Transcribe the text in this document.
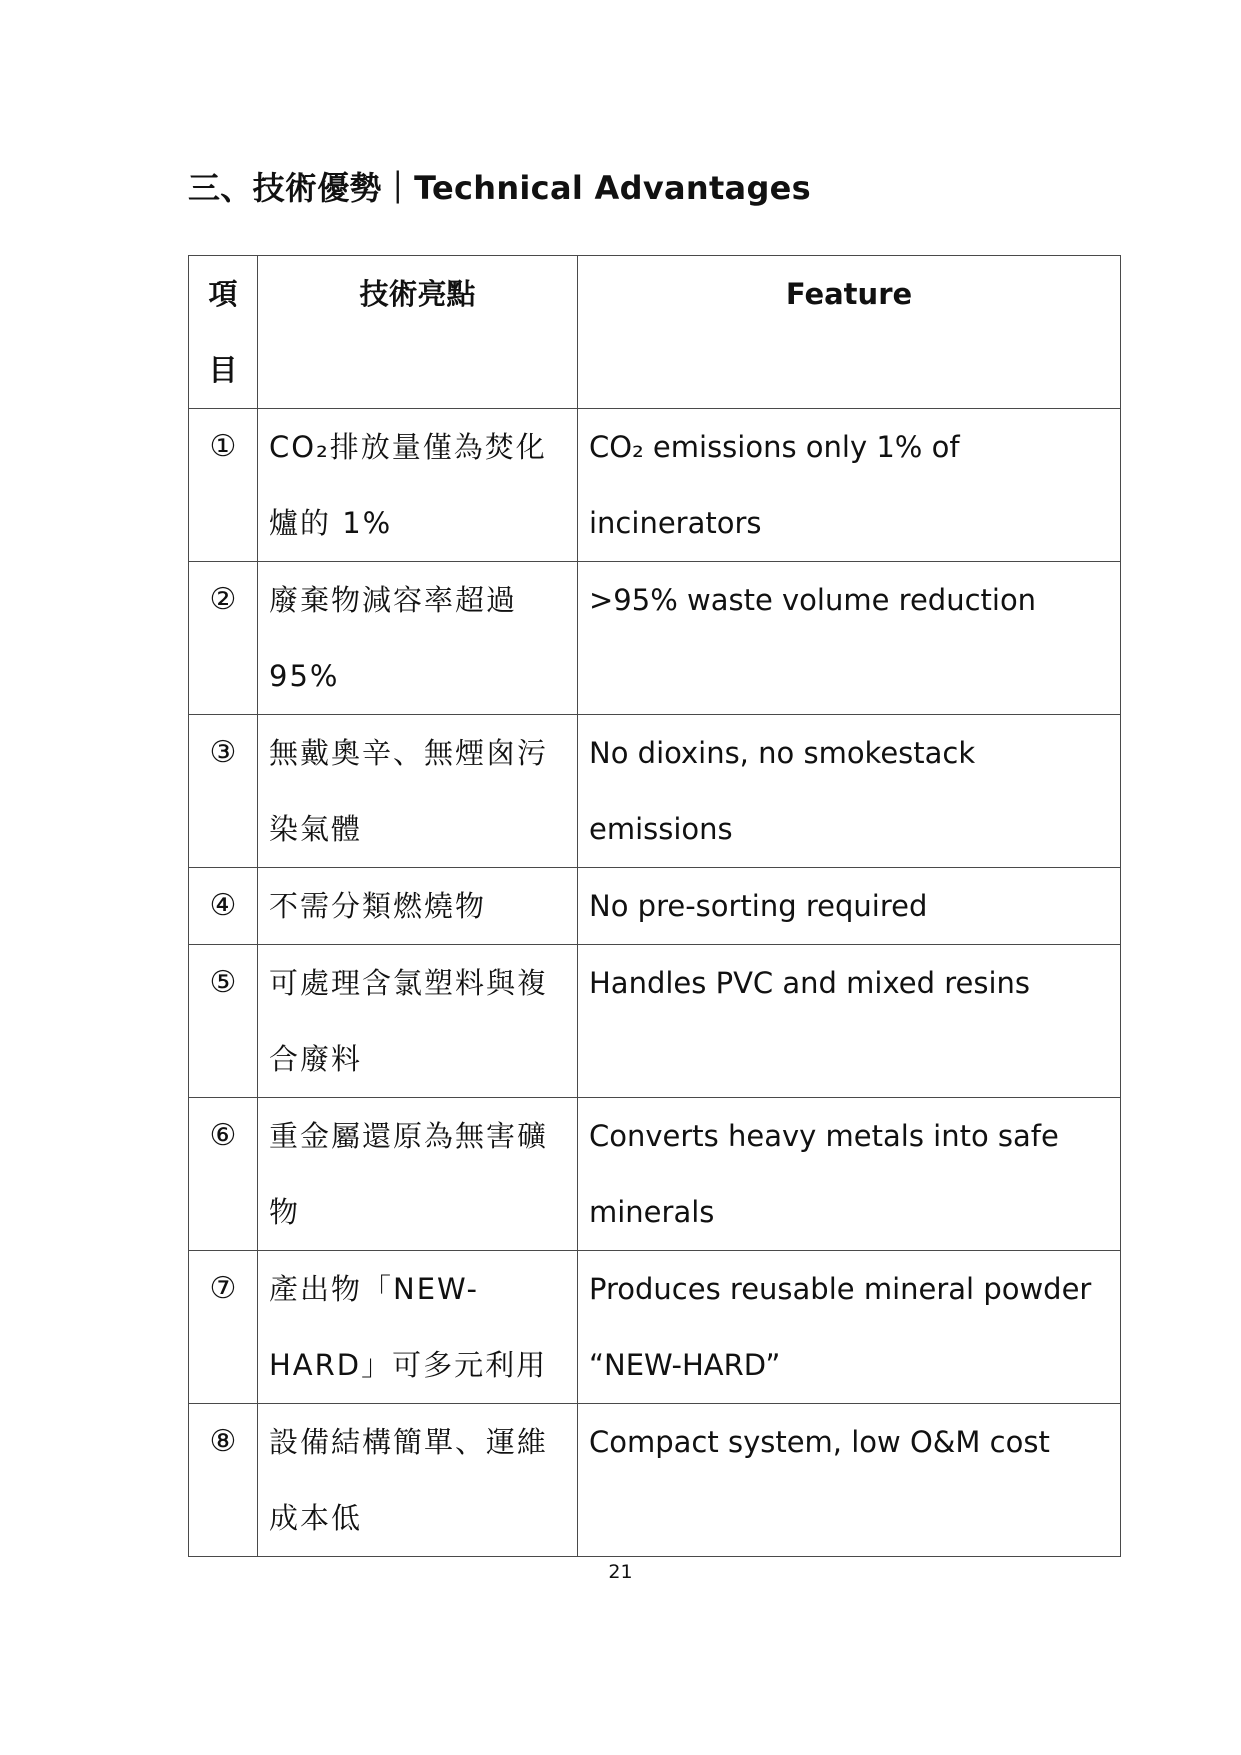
三、技術優勢｜Technical Advantages
項目	技術亮點	Feature

①	CO₂排放量僅為焚化爐的 1%	CO₂ emissions only 1% of incinerators

②	廢棄物減容率超過 95%	>95% waste volume reduction

③	無戴奧辛、無煙囪污染氣體	No dioxins, no smokestack emissions

④	不需分類燃燒物	No pre-sorting required

⑤	可處理含氯塑料與複合廢料	Handles PVC and mixed resins

⑥	重金屬還原為無害礦物	Converts heavy metals into safe minerals

⑦	產出物「NEW-HARD」可多元利用	Produces reusable mineral powder “NEW-HARD”

⑧	設備結構簡單、運維成本低	Compact system, low O&M cost
21
